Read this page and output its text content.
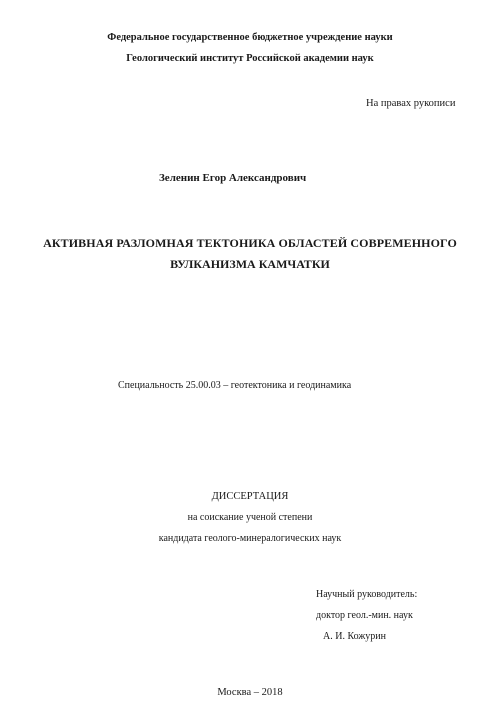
Федеральное государственное бюджетное учреждение науки
Геологический институт Российской академии наук
На правах рукописи
Зеленин Егор Александрович
АКТИВНАЯ РАЗЛОМНАЯ ТЕКТОНИКА ОБЛАСТЕЙ СОВРЕМЕННОГО
ВУЛКАНИЗМА КАМЧАТКИ
Специальность 25.00.03 – геотектоника и геодинамика
ДИССЕРТАЦИЯ
на соискание ученой степени
кандидата геолого-минералогических наук
Научный руководитель:
доктор геол.-мин. наук
А. И. Кожурин
Москва – 2018
